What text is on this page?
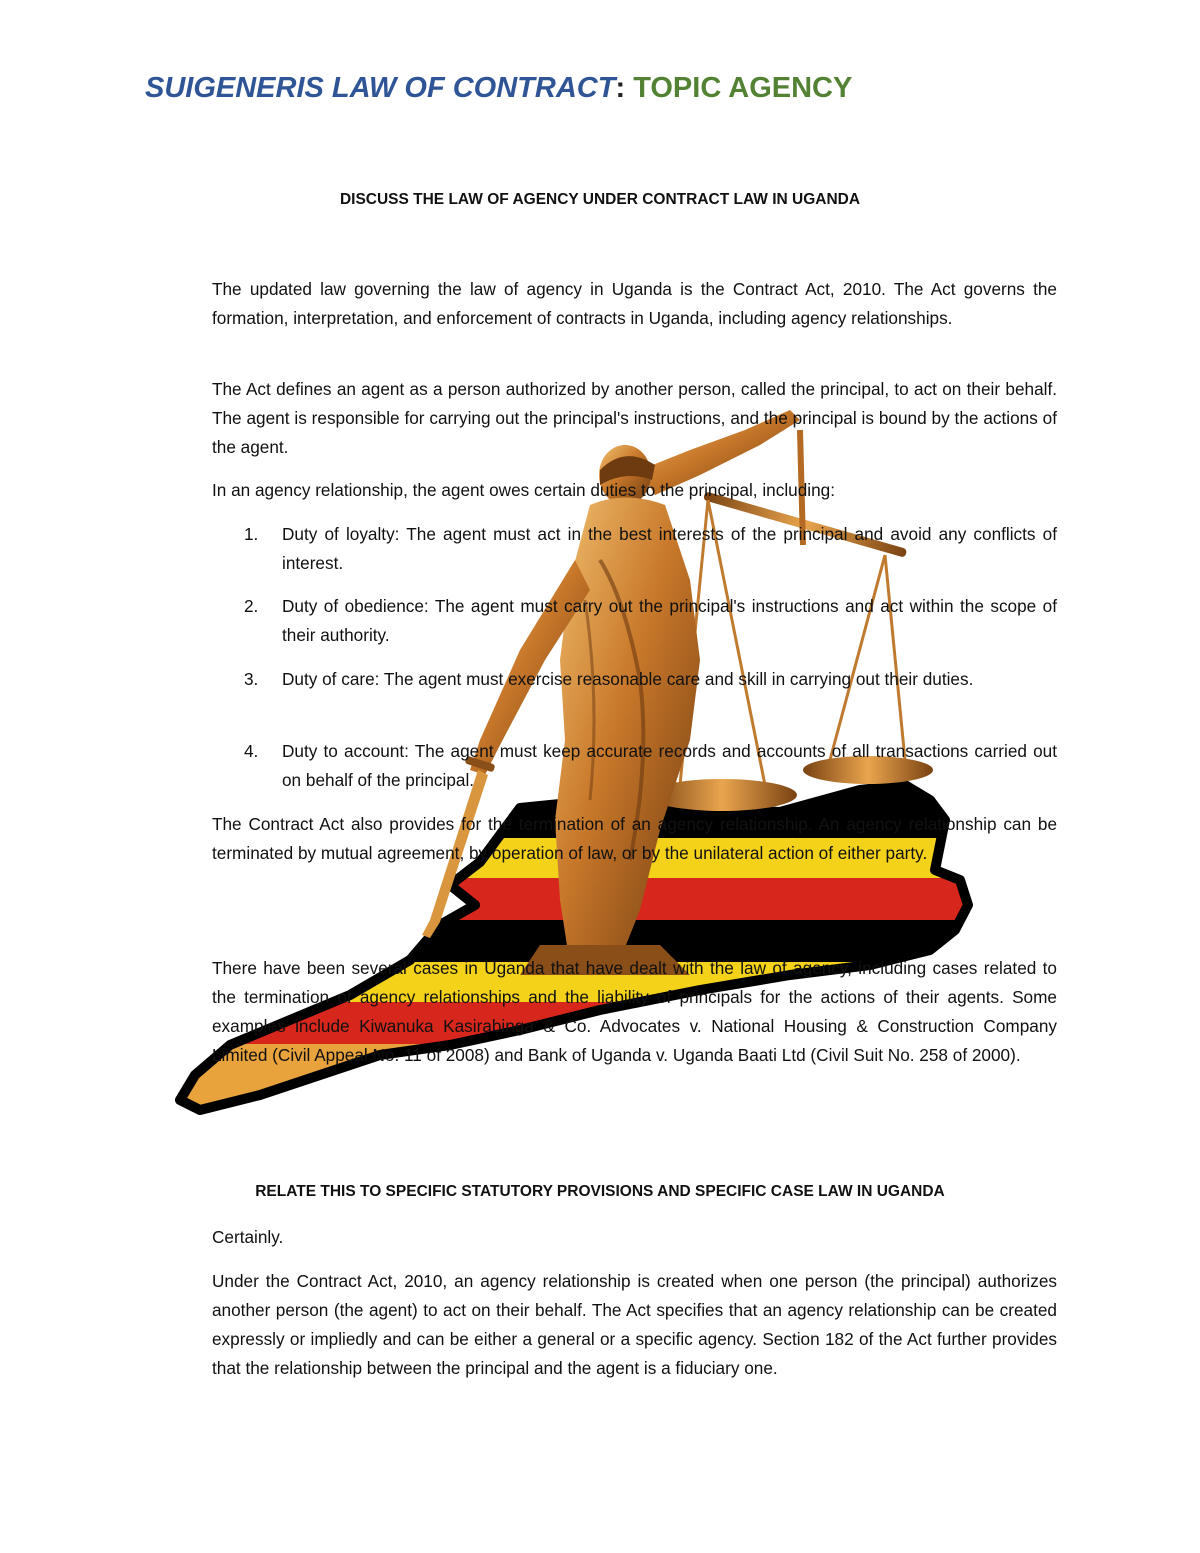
SUIGENERIS LAW OF CONTRACT: TOPIC AGENCY
DISCUSS THE LAW OF AGENCY UNDER CONTRACT LAW IN UGANDA

The updated law governing the law of agency in Uganda is the Contract Act, 2010. The Act governs the formation, interpretation, and enforcement of contracts in Uganda, including agency relationships.

The Act defines an agent as a person authorized by another person, called the principal, to act on their behalf. The agent is responsible for carrying out the principal's instructions, and the principal is bound by the actions of the agent.

In an agency relationship, the agent owes certain duties to the principal, including:

1. Duty of loyalty: The agent must act in the best interests of the principal and avoid any conflicts of interest.
2. Duty of obedience: The agent must carry out the principal's instructions and act within the scope of their authority.
3. Duty of care: The agent must exercise reasonable care and skill in carrying out their duties.
4. Duty to account: The agent must keep accurate records and accounts of all transactions carried out on behalf of the principal.

The Contract Act also provides for the termination of an agency relationship. An agency relationship can be terminated by mutual agreement, by operation of law, or by the unilateral action of either party.

There have been several cases in Uganda that have dealt with the law of agency, including cases related to the termination of agency relationships and the liability of principals for the actions of their agents. Some examples include Kiwanuka Kasirabinga & Co. Advocates v. National Housing & Construction Company Limited (Civil Appeal No. 11 of 2008) and Bank of Uganda v. Uganda Baati Ltd (Civil Suit No. 258 of 2000).

RELATE THIS TO SPECIFIC STATUTORY PROVISIONS AND SPECIFIC CASE LAW IN UGANDA

Certainly.

Under the Contract Act, 2010, an agency relationship is created when one person (the principal) authorizes another person (the agent) to act on their behalf. The Act specifies that an agency relationship can be created expressly or impliedly and can be either a general or a specific agency. Section 182 of the Act further provides that the relationship between the principal and the agent is a fiduciary one.
